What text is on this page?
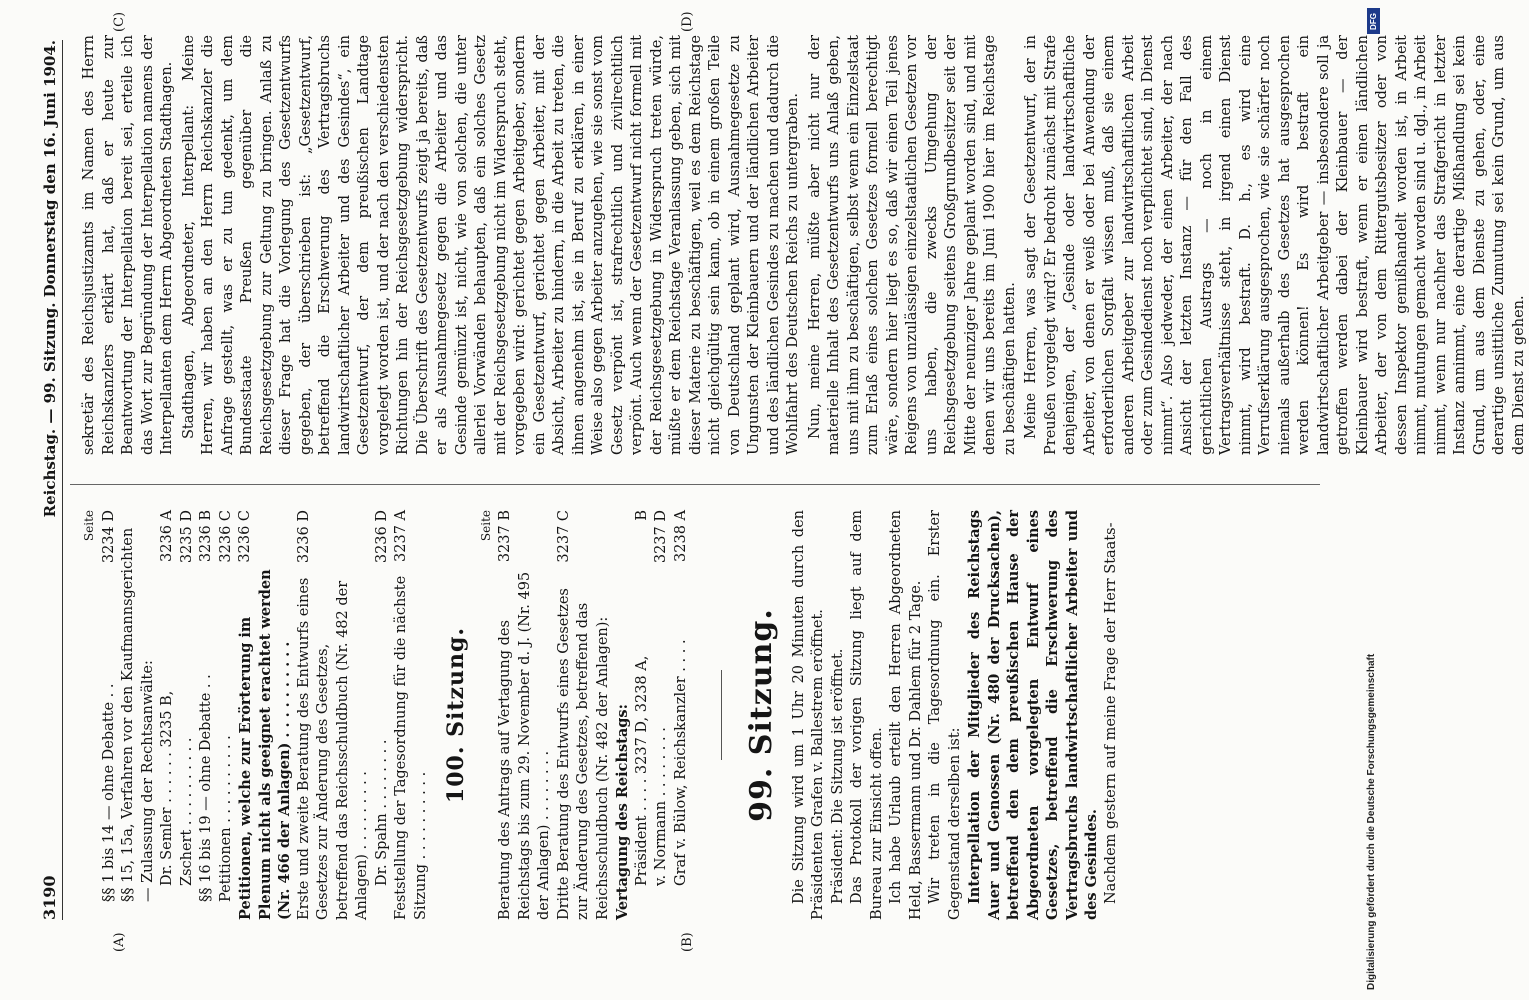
3190
Reichstag. — 99. Sitzung. Donnerstag den 16. Juni 1904.
(A)	(B)
(C)	(D)

Seite

§§ 1 bis 14 — ohne Debatte . .
3234 D §§ 15, 15a, Verfahren vor den Kaufmannsgerichten — Zulassung der Rechtsanwälte: Dr. Semler . . . . . . 3235 B,
3236 A
Zschert . . . . . . . . . .
3235 D
§§ 16 bis 19 — ohne Debatte . .
3236 B
Petitionen . . . . . . . . . .
3236 C
Petitionen, welche zur Erörterung im Plenum nicht als geeignet erachtet werden (Nr. 466 der Anlagen) . . . . . . . . . .
3236 C
Erste und zweite Beratung des Entwurfs eines Gesetzes zur Änderung des Gesetzes, betreffend das Reichsschuldbuch (Nr. 482 der Anlagen) . . . . . . . . .
3236 D
Dr. Spahn . . . . . . . .
3236 D
Feststellung der Tagesordnung für die nächste Sitzung . . . . . . . . . .
3237 A
100. Sitzung.

Seite

Beratung des Antrags auf Vertagung des Reichstags bis zum 29. November d. J. (Nr. 495 der Anlagen) . . . . . . . .
3237 B
Dritte Beratung des Entwurfs eines Gesetzes zur Änderung des Gesetzes, betreffend das Reichsschuldbuch (Nr. 482 der Anlagen):
3237 C
Vertagung des Reichstags: Präsident . . . . 3237 D, 3238 A,
B
v. Normann . . . . . . . .
3237 D
Graf v. Bülow, Reichskanzler . . . .
3238 A
99. Sitzung. Die Sitzung wird um 1 Uhr 20 Minuten durch den Präsidenten Grafen v. Ballestrem eröffnet. Präsident: Die Sitzung ist eröffnet. Das Protokoll der vorigen Sitzung liegt auf dem Bureau zur Einsicht offen. Ich habe Urlaub erteilt den Herren Abgeordneten Held, Bassermann und Dr. Dahlem für 2 Tage. Wir treten in die Tagesordnung ein. Erster Gegenstand derselben ist: Interpellation der Mitglieder des Reichstags Auer und Genossen (Nr. 480 der Drucksachen), betreffend den dem preußischen Hause der Abgeordneten vorgelegten Entwurf eines Gesetzes, betreffend die Erschwerung des Vertragsbruchs landwirtschaftlicher Arbeiter und des Gesindes. Nachdem gestern auf meine Frage der Herr Staats-

sekretär des Reichsjustizamts im Namen des Herrn Reichskanzlers erklärt hat, daß er heute zur Beantwortung der Interpellation bereit sei, erteile ich das Wort zur Begründung der Interpellation namens der Interpellanten dem Herrn Abgeordneten Stadthagen. Stadthagen, Abgeordneter, Interpellant: Meine Herren, wir haben an den Herrn Reichskanzler die Anfrage gestellt, was er zu tun gedenkt, um dem Bundesstaate Preußen gegenüber die Reichsgesetzgebung zur Geltung zu bringen. Anlaß zu dieser Frage hat die Vorlegung des Gesetzentwurfs gegeben, der überschrieben ist: „Gesetzentwurf, betreffend die Erschwerung des Vertragsbruchs landwirtschaftlicher Arbeiter und des Gesindes“, ein Gesetzentwurf, der dem preußischen Landtage vorgelegt worden ist, und der nach den verschiedensten Richtungen hin der Reichsgesetzgebung widerspricht. Die Überschrift des Gesetzentwurfs zeigt ja bereits, daß er als Ausnahmegesetz gegen die Arbeiter und das Gesinde gemünzt ist, nicht, wie von solchen, die unter allerlei Vorwänden behaupten, daß ein solches Gesetz mit der Reichsgesetzgebung nicht im Widerspruch steht, vorgegeben wird: gerichtet gegen Arbeitgeber, sondern ein Gesetzentwurf, gerichtet gegen Arbeiter, mit der Absicht, Arbeiter zu hindern, in die Arbeit zu treten, die ihnen angenehm ist, sie in Beruf zu erklären, in einer Weise also gegen Arbeiter anzugehen, wie sie sonst vom Gesetz verpönt ist, strafrechtlich und zivilrechtlich verpönt. Auch wenn der Gesetzentwurf nicht formell mit der Reichsgesetzgebung in Widerspruch treten würde, müßte er dem Reichstage Veranlassung geben, sich mit dieser Materie zu beschäftigen, weil es dem Reichstage nicht gleichgültig sein kann, ob in einem großen Teile von Deutschland geplant wird, Ausnahmegesetze zu Ungunsten der Kleinbauern und der ländlichen Arbeiter und des ländlichen Gesindes zu machen und dadurch die Wohlfahrt des Deutschen Reichs zu untergraben. Nun, meine Herren, müßte aber nicht nur der materielle Inhalt des Gesetzentwurfs uns Anlaß geben, uns mit ihm zu beschäftigen, selbst wenn ein Einzelstaat zum Erlaß eines solchen Gesetzes formell berechtigt wäre, sondern hier liegt es so, daß wir einen Teil jenes Reigens von unzulässigen einzelstaatlichen Gesetzen vor uns haben, die zwecks Umgehung der Reichsgesetzgebung seitens Großgrundbesitzer seit der Mitte der neunziger Jahre geplant worden sind, und mit denen wir uns bereits im Juni 1900 hier im Reichstage zu beschäftigen hatten. Meine Herren, was sagt der Gesetzentwurf, der in Preußen vorgelegt wird? Er bedroht zunächst mit Strafe denjenigen, der „Gesinde oder landwirtschaftliche Arbeiter, von denen er weiß oder bei Anwendung der erforderlichen Sorgfalt wissen muß, daß sie einem anderen Arbeitgeber zur landwirtschaftlichen Arbeit oder zum Gesindedienst noch verpflichtet sind, in Dienst nimmt“. Also jedweder, der einen Arbeiter, der nach Ansicht der letzten Instanz — für den Fall des gerichtlichen Austrags — noch in einem Vertragsverhältnisse steht, in irgend einen Dienst nimmt, wird bestraft. D. h., es wird eine Verrufserklärung ausgesprochen, wie sie schärfer noch niemals außerhalb des Gesetzes hat ausgesprochen werden können! Es wird bestraft ein landwirtschaftlicher Arbeitgeber — insbesondere soll ja getroffen werden dabei der Kleinbauer — der Kleinbauer wird bestraft, wenn er einen ländlichen Arbeiter, der von dem Rittergutsbesitzer oder von dessen Inspektor gemißhandelt worden ist, in Arbeit nimmt, mutungen gemacht worden sind u. dgl., in Arbeit nimmt, wenn nur nachher das Strafgericht in letzter Instanz annimmt, eine derartige Mißhandlung sei kein Grund, um aus dem Dienste zu gehen, oder, eine derartige unsittliche Zumutung sei kein Grund, um aus dem Dienst zu gehen.

DFG
Digitalisierung gefördert durch die Deutsche Forschungsgemeinschaft
